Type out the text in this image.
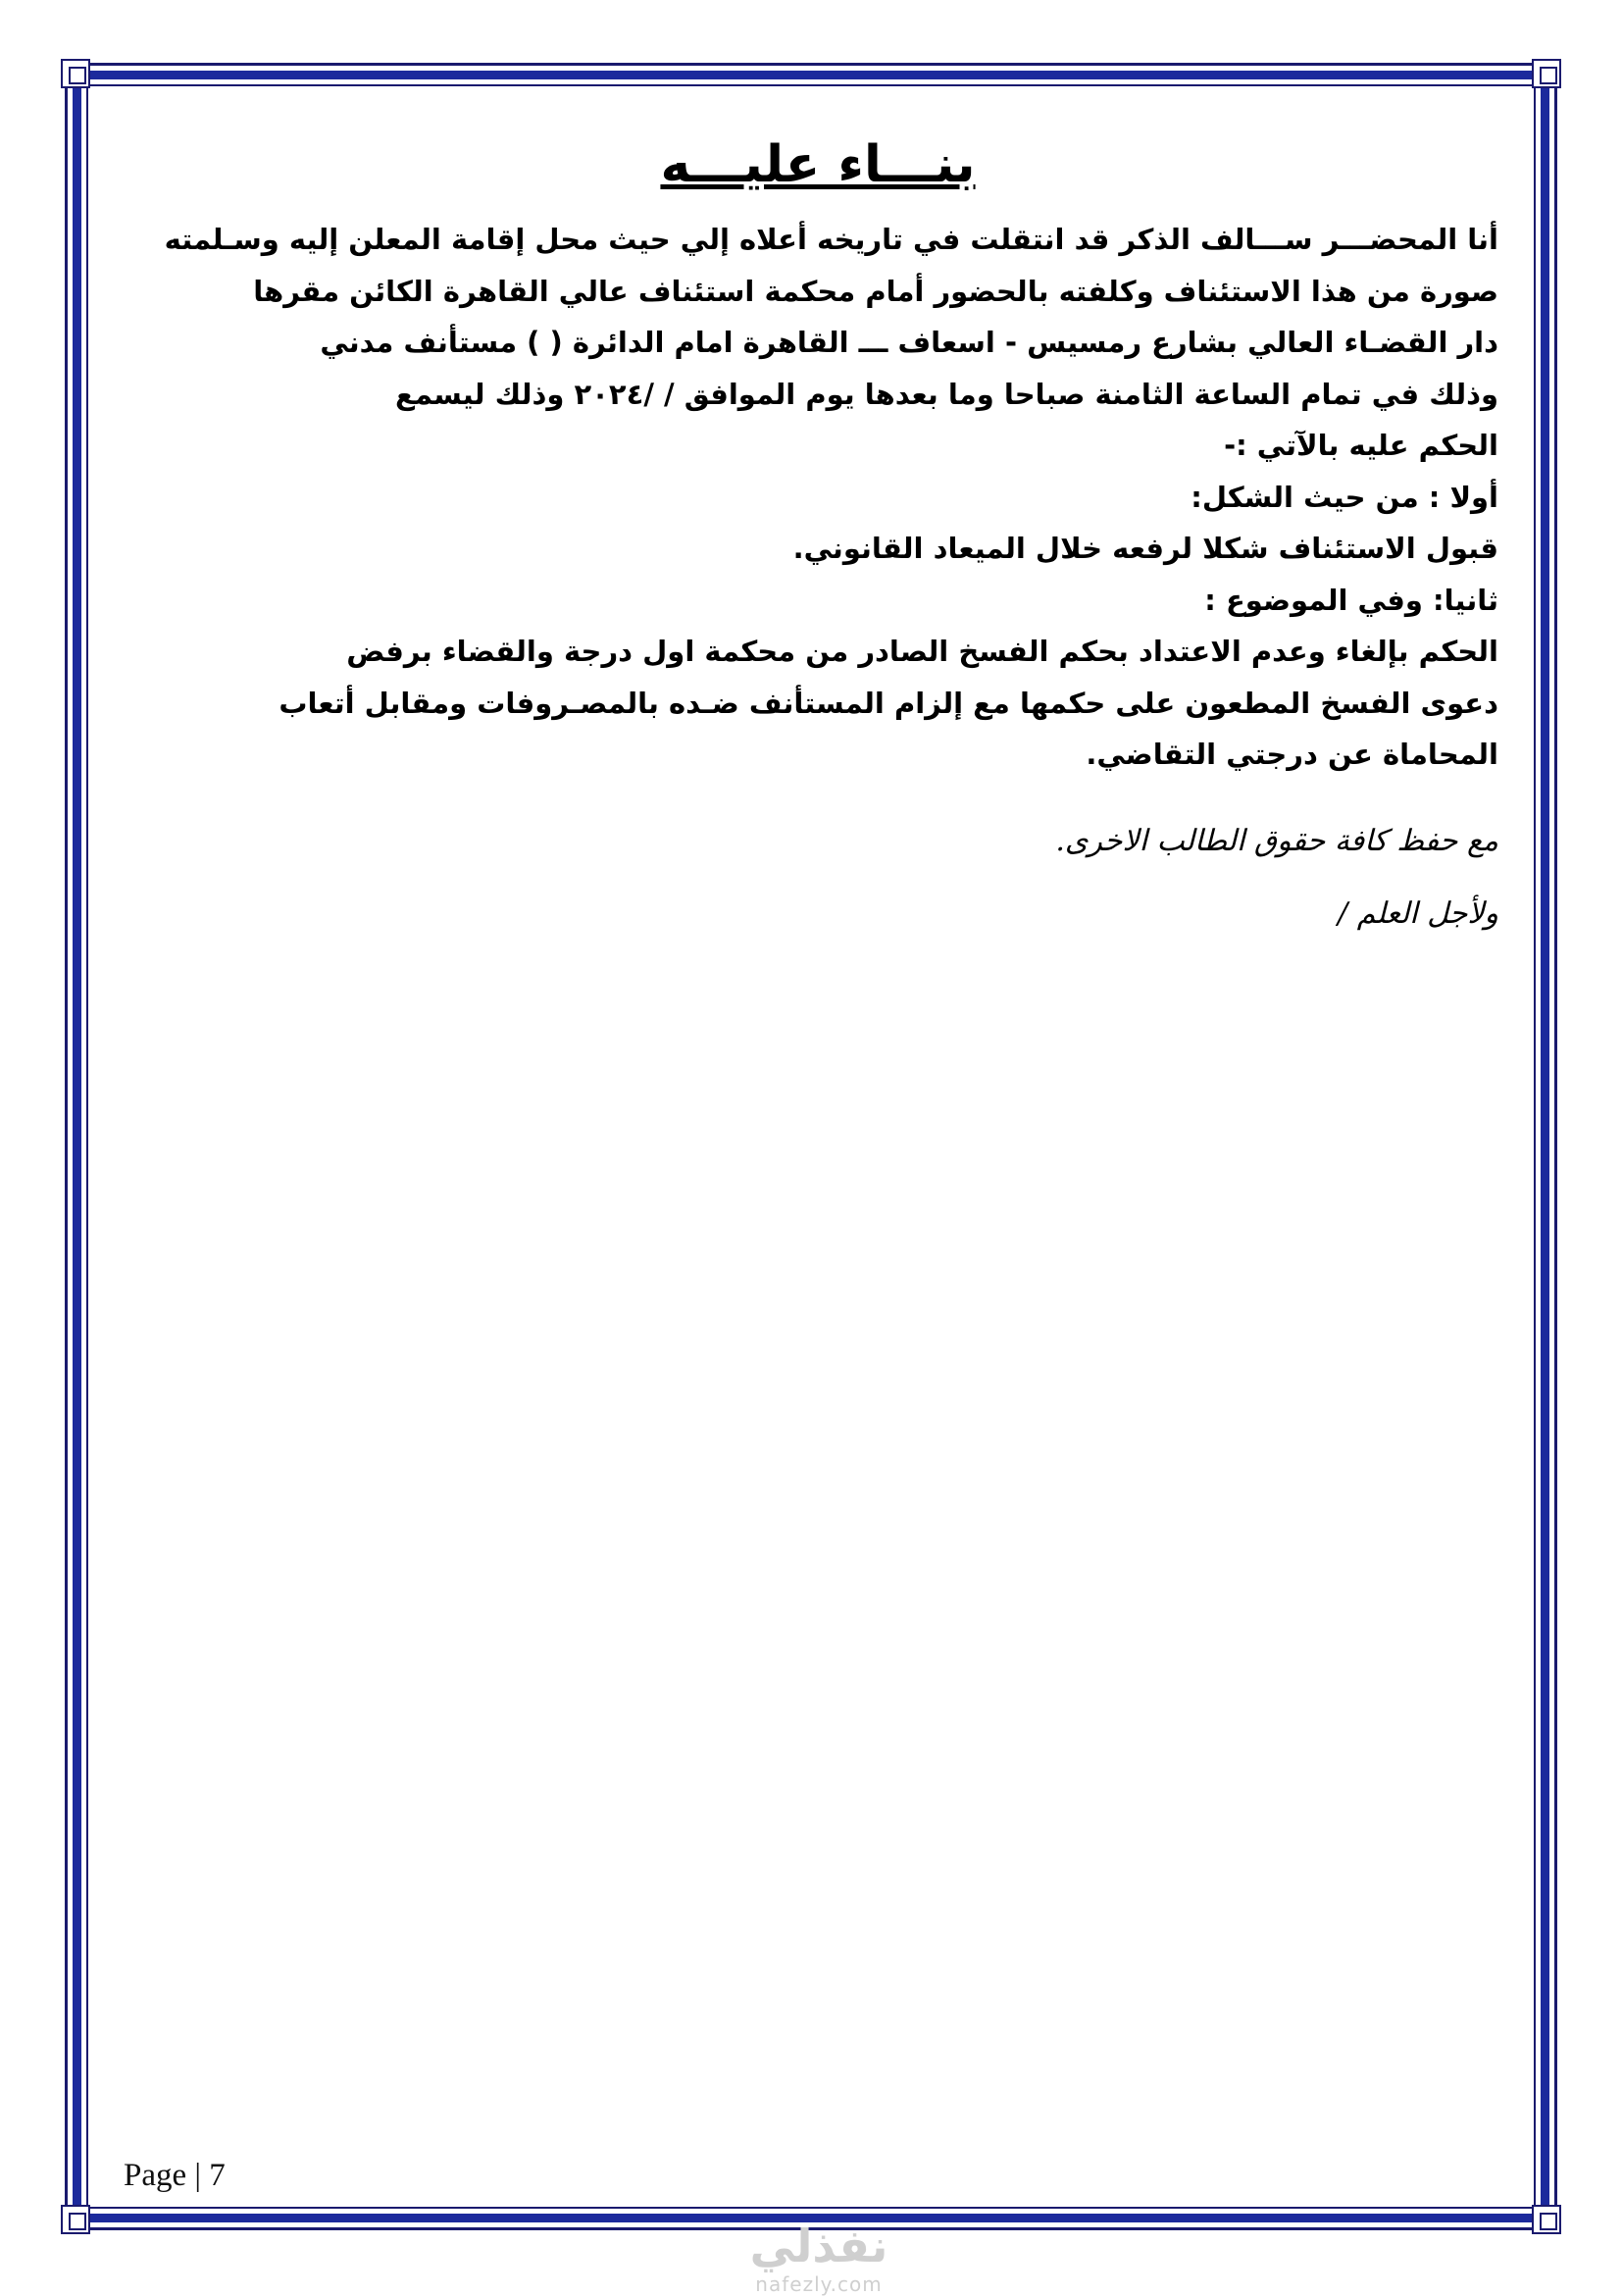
بنـــاء عليـــه
أنا المحضـــر ســـالف الذكر قد انتقلت في تاريخه أعلاه إلي حيث محل إقامة المعلن إليه وسـلمته
صورة من هذا الاستئناف وكلفته بالحضور أمام محكمة استئناف عالي القاهرة الكائن مقرها
دار القضـاء العالي بشارع رمسيس - اسعاف ـــ القاهرة امام الدائرة ( ) مستأنف مدني
وذلك في تمام الساعة الثامنة صباحا وما بعدها يوم الموافق / /٢٠٢٤ وذلك ليسمع
الحكم عليه بالآتي :-
أولا : من حيث الشكل:
قبول الاستئناف شكلا لرفعه خلال الميعاد القانوني.
ثانيا: وفي الموضوع :
الحكم بإلغاء وعدم الاعتداد بحكم الفسخ الصادر من محكمة اول درجة والقضاء برفض
دعوى الفسخ المطعون على حكمها مع إلزام المستأنف ضـده بالمصـروفات ومقابل أتعاب
المحاماة عن درجتي التقاضي.

مع حفظ كافة حقوق الطالب الاخرى.

ولأجل العلم /

Page | 7
نفذلي
nafezly.com
